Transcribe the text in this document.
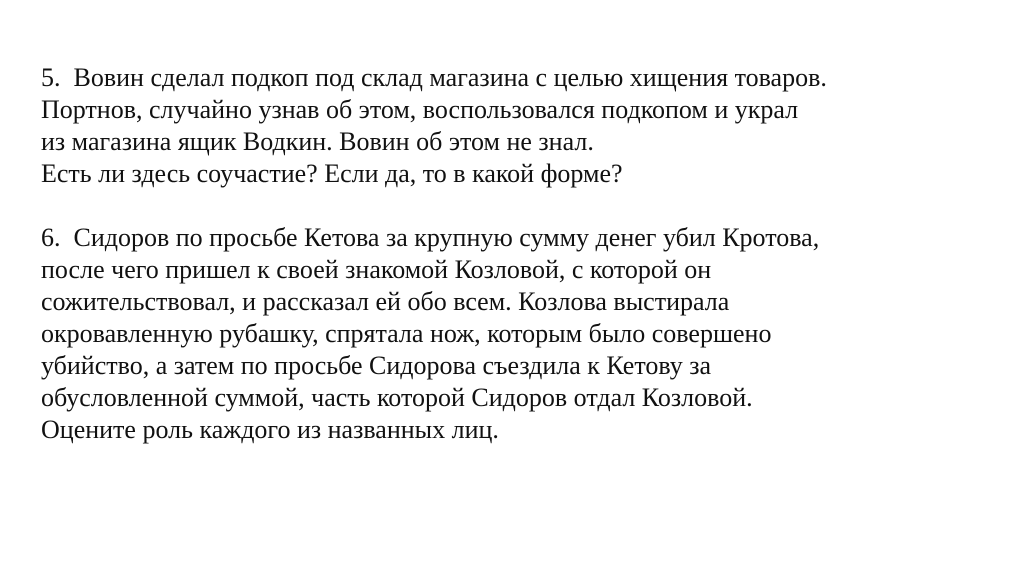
5.  Вовин сделал подкоп под склад магазина с целью хищения товаров.
Портнов, случайно узнав об этом, воспользовался подкопом и украл
из магазина ящик Водкин. Вовин об этом не знал.
Есть ли здесь соучастие? Если да, то в какой форме?
6.  Сидоров по просьбе Кетова за крупную сумму денег убил Кротова,
после чего пришел к своей знакомой Козловой, с которой он
сожительствовал, и рассказал ей обо всем. Козлова выстирала
окровавленную рубашку, спрятала нож, которым было совершено
убийство, а затем по просьбе Сидорова съездила к Кетову за
обусловленной суммой, часть которой Сидоров отдал Козловой.
Оцените роль каждого из названных лиц.
